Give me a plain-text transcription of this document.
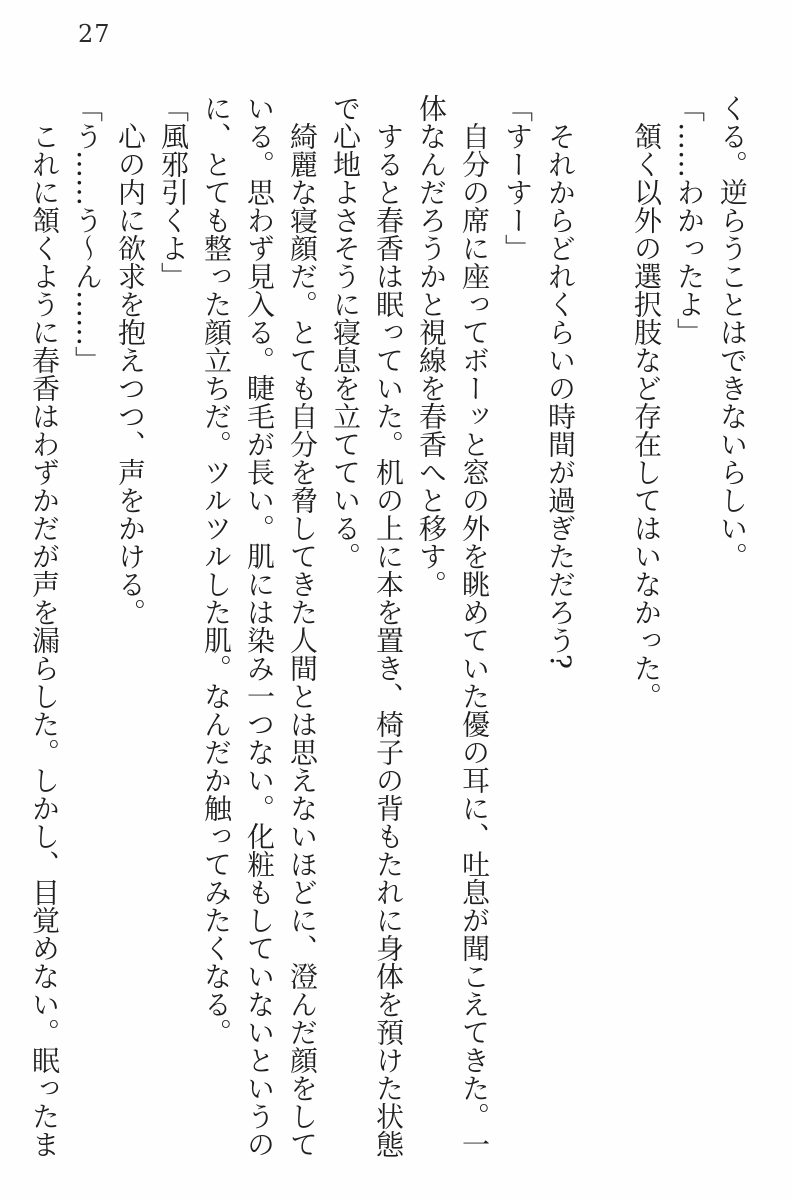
27
くる。逆らうことはできないらしい。
「……わかったよ」
頷く以外の選択肢など存在してはいなかった。
それからどれくらいの時間が過ぎただろう?
「すーすー」
自分の席に座ってボーッと窓の外を眺めていた優の耳に、吐息が聞こえてきた。一
体なんだろうかと視線を春香へと移す。
すると春香は眠っていた。机の上に本を置き、椅子の背もたれに身体を預けた状態
で心地よさそうに寝息を立てている。
綺麗な寝顔だ。とても自分を脅してきた人間とは思えないほどに、澄んだ顔をして
いる。思わず見入る。睫毛が長い。肌には染み一つない。化粧もしていないというの
に、とても整った顔立ちだ。ツルツルした肌。なんだか触ってみたくなる。
「風邪引くよ」
心の内に欲求を抱えつつ、声をかける。
「う……う〜ん……」
これに頷くように春香はわずかだが声を漏らした。しかし、目覚めない。眠ったま
